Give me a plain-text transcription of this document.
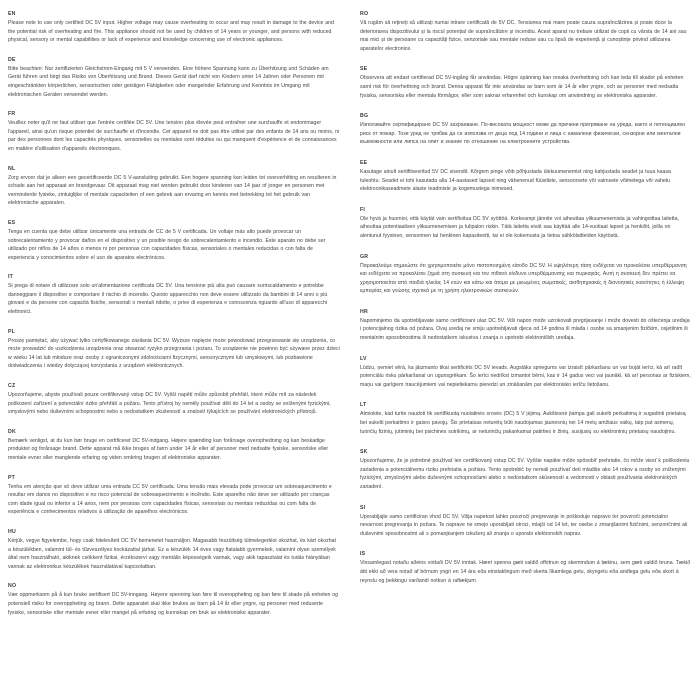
EN
Please note to use only certified DC 5V input. Higher voltage may cause overheating to occur and may result in damage to the device and the potential risk of overheating and fire. This appliance should not be used by children of 14 years or younger, and persons with reduced physical, sensory or mental capabilities or lack of experience and knowledge concerning use of electronic appliances.
DE
Bitte beachten: Nur zertifizierten Gleichstrom-Eingang mit 5 V verwenden. Eine höhere Spannung kann zu Überhitzung und Schäden am Gerät führen und birgt das Risiko von Überhitzung und Brand. Dieses Gerät darf nicht von Kindern unter 14 Jahren oder Personen mit eingeschränkten körperlichen, sensorischen oder geistigen Fähigkeiten oder mangelnder Erfahrung und Kenntnis im Umgang mit elektronischen Geräten verwendet werden.
FR
Veuillez noter qu'il ne faut utiliser que l'entrée certifiée DC 5V. Une tension plus élevée peut entraîner une surchauffe et endommager l'appareil, ainsi qu'un risque potentiel de surchauffe et d'incendie. Cet appareil ne doit pas être utilisé par des enfants de 14 ans ou moins, ni par des personnes dont les capacités physiques, sensorielles ou mentales sont réduites ou qui manquent d'expérience et de connaissances en matière d'utilisation d'appareils électroniques.
NL
Zorg ervoor dat je alleen een gecertificeerde DC 5 V-aansluiting gebruikt. Een hogere spanning kan leiden tot oververhitting en resulteren in schade aan het apparaat en brandgevaar. Dit apparaat mag niet worden gebruikt door kinderen van 14 jaar of jonger en personen met verminderde fysieke, zintuiglijke of mentale capaciteiten of een gebrek aan ervaring en kennis met betrekking tot het gebruik van elektronische apparaten.
ES
Tenga en cuenta que debe utilizar únicamente una entrada de CC de 5 V certificada. Un voltaje más alto puede provocar un sobrecalentamiento y provocar daños en el dispositivo y un posible riesgo de sobrecalentamiento e incendio. Este aparato no debe ser utilizado por niños de 14 años o menos ni por personas con capacidades físicas, sensoriales o mentales reducidas o con falta de experiencia y conocimientos sobre el uso de aparatos electrónicos.
IT
Si prega di notare di utilizzare solo un'alimentazione certificata DC 5V. Una tensione più alta può causare surriscaldamento e potrebbe danneggiare il dispositivo e comportare il rischio di incendio. Questo apparecchio non deve essere utilizzato da bambini di 14 anni o più giovani e da persone con capacità fisiche, sensoriali o mentali ridotte, o prive di esperienza e conoscenza riguardo all'uso di apparecchi elettronici.
PL
Proszę pamiętać, aby używać tylko certyfikowanego zasilania DC 5V. Wyższe napięcie może powodować przegrzewanie się urządzenia, co może prowadzić do uszkodzenia urządzenia oraz stwarzać ryzyko przegrzania i pożaru. To urządzenie nie powinno być używane przez dzieci w wieku 14 lat lub młodsze oraz osoby z ograniczonymi zdolnościami fizycznymi, sensorycznymi lub umysłowymi, lub pozbawione doświadczenia i wiedzy dotyczącej korzystania z urządzeń elektronicznych.
CZ
Upozorňujeme, abyste používali pouze certifikovaný vstup DC 5V. Vyšší napětí může způsobit přehřátí, které může mít za následek poškození zařízení a potenciální riziko přehřátí a požáru. Tento přístroj by neměly používat děti do 14 let a osoby se sníženými fyzickými, smyslovými nebo duševními schopnostmi nebo s nedostatkem zkušeností a znalostí týkajících se používání elektronických přístrojů.
DK
Bemærk venligst, at du kun bør bruge en certificeret DC 5V-indgang. Højere spænding kan forårsage overophedning og kan beskadige produktet og forårsage brand. Dette apparat må ikke bruges af børn under 14 år eller af personer med nedsatte fysiske, sensoriske eller mentale evner eller manglende erfaring og viden omkring brugen af elektroniske apparater.
PT
Tenha em atenção que só deve utilizar uma entrada CC 5V certificada. Uma tensão mais elevada pode provocar um sobreaquecimento e resultar em danos no dispositivo e no risco potencial de sobreaquecimento e incêndio. Este aparelho não deve ser utilizado por crianças com idade igual ou inferior a 14 anos, nem por pessoas com capacidades físicas, sensoriais ou mentais reduzidas ou com falta de experiência e conhecimentos relativos à utilização de aparelhos electrónicos.
HU
Kérjük, vegye figyelembe, hogy csak hitelesített DC 5V bemenetet használjon. Magasabb feszültség túlmelegedést okozhat, és kárt okozhat a készülékben, valamint túl- és tűzveszélyes kockázattal járhat. Ez a készülék 14 éves vagy fiatalabb gyermekek, valamint olyan személyek által nem használható, akiknek csökkent fizikai, érzékszervi vagy mentális képességeik vannak, vagy akik tapasztalat és tudás hiányában vannak az elektronikus készülékek használatával kapcsolatban.
NO
Vær oppmerksom på å kun bruke sertifisert DC 5V-inngang. Høyere spenning kan føre til overoppheting og kan føre til skade på enheten og potensiell risiko for overoppheting og brann. Dette apparatet skal ikke brukes av barn på 14 år eller yngre, og personer med reduserte fysiske, sensoriske eller mentale evner eller mangel på erfaring og kunnskap om bruk av elektroniske apparater.
RO
Vă rugăm să rețineți să utilizați numai intrare certificată de 5V DC. Tensiunea mai mare poate cauza supraîncălzirea și poate duce la deteriorarea dispozitivului și la riscul potențial de supraîncălzire și incendiu. Acest aparat nu trebuie utilizat de copii cu vârsta de 14 ani sau mai mici și de persoane cu capacități fizice, senzoriale sau mentale reduse sau cu lipsă de experiență și cunoștințe privind utilizarea aparatelor electronice.
SE
Observera att endast certifierad DC 5V-ingång får användas. Högre spänning kan orsaka överhettning och kan leda till skador på enheten samt risk för överhettning och brand. Denna apparat får inte användas av barn som är 14 år eller yngre, och av personer med nedsatta fysiska, sensoriska eller mentala förmågor, eller som saknar erfarenhet och kunskap om användning av elektroniska apparater.
BG
Използвайте сертифицирано DC 5V захранване. По-високата мощност може да причини прегряване на уреда, както и потенциален риск от пожар. Този уред не трябва да се използва от деца под 14 години и лица с намалени физически, сензорни или ментални възможности или липса на опит и знание по отношение на електронните устройства.
EE
Kasutage ainult sertifitseeritud 5V DC sisendit. Kõrgem pinge võib põhjustada ülekuumenemist ning kahjustada seadet ja tuua kaasa tuleohtu. Seadet ei tohi kasutada alla 14-aastased lapsed ning vähenenud füüsiliste, sensoorsete või vaimsete võimetega või vahetu elektroonikaseadmete alaste teadmiste ja kogemustega inimesed.
FI
Ole hyvä ja huomioi, että käytät vain sertifioitua DC 5V syöttöä. Korkeampi jännite voi aiheuttaa ylikuumenemista ja vahingoittaa laitetta, aiheuttaa potentiaalisen ylikuumenemisen ja tulipalon riskin. Tätä laitetta eivät saa käyttää alle 14-vuotiaat lapset ja henkilöt, joilla on alentunut fyysinen, sensorinen tai henkinen kapasiteetti, tai ei ole kokemusta ja tietoa sähkölaitteiden käytöstä.
GR
Παρακαλούμε σημειώστε ότι χρησιμοποιείτε μόνο πιστοποιημένη είσοδο DC 5V. Η υψηλότερη τάση ενδέχεται να προκαλέσει υπερθέρμανση και ενδέχεται να προκαλέσει ζημιά στη συσκευή και τον πιθανό κίνδυνο υπερθέρμανσης και πυρκαγιάς. Αυτή η συσκευή δεν πρέπει να χρησιμοποιείται από παιδιά ηλικίας 14 ετών και κάτω και άτομα με μειωμένες σωματικές, αισθητηριακές ή διανοητικές ικανότητες ή έλλειψη εμπειρίας και γνώσης σχετικά με τη χρήση ηλεκτρονικών συσκευών.
HR
Napominjemo da upotrebljavate samo certificirani ulaz DC 5V. Viši napon može uzrokovati pregrijavanje i može dovesti do oštećenja uređaja i potencijalnog rizika od požara. Ovaj uređaj ne smiju upotrebljavati djeca od 14 godina ili mlađa i osobe sa smanjenim fizičkim, osjetilnim ili mentalnim sposobnostima ili nedostatkom iskustva i znanja o upotrebi elektroničkih uređaja.
LV
Lūdzu, ņemiet vērā, ka jāizmanto tikai sertificēts DC 5V ievads. Augstāks spriegums var izraisīt pārkaršanu un var bojāt ierīci, kā arī radīt potenciālu risku pārkaršanai un ugunsgrēkam. Šo ierīci nedrīkst izmantot bērni, kas ir 14 gadus veci vai jaunāki, kā arī personas ar fiziskiem, maņu vai garīgiem traucējumiem vai nepietiekamu pieredzi un zināšanām par elektronisko ierīču lietošanu.
LT
Atminkite, kad turite naudoti tik sertifikuotą nuolatinės srovės (DC) 5 V įėjimą. Aukštesnė įtampa gali sukelti perkaitimą ir sugadinti prietaisą bei sukelti perkaitimo ir gaisro pavojų. Šis prietaisas neturėtų būti naudojamas jaunesnių nei 14 metų amžiaus vaikų, taip pat asmenų, turinčių fizinių, jutiminių bei psichinės sutrikimų, ar neturinčių pakankamai patirties ir žinių, susijusių su elektroninių prietaisų naudojimu.
SK
Upozorňujeme, že je potrebné používať len certifikovaný vstup DC 5V. Vyššie napätie môže spôsobiť prehriatie, čo môže viesť k poškodeniu zariadenia a potenciálnemu riziku prehriatia a požiaru. Tento spotrebič by nemali používať deti mladšie ako 14 rokov a osoby so zníženými fyzickými, zmyslovými alebo duševnými schopnosťami alebo s nedostatkom skúseností a vedomostí v oblasti používania elektronických zariadení.
SI
Uporabljajte samo certificiran vhod DC 5V. Višja napetost lahko povzroči pregrevanje in poškoduje napravo ter povzroči potencialno nevarnost pregrevanja in požara. Te naprave ne smejo uporabljati otroci, mlajši od 14 let, ter osebe z zmanjšanimi fizičnimi, senzoričnimi ali duševnimi sposobnostmi ali s pomanjkanjem izkušenj ali znanja o uporabi elektronskih naprav.
IS
Vinsamlegast notaðu aðeins vottaði DV 5V inntak. Hærri spenna gæti valdið ofhitnun og skemmdum á tækinu, sem gæti valdið bruna. Tækið átti ekki að vera notað af börnum yngri en 14 ára eða einstaklingum með skerta líkamlega getu, skyngetu eða andlega getu eða skort á reynslu og þekkingu varðandi notkun á raftækjum.
